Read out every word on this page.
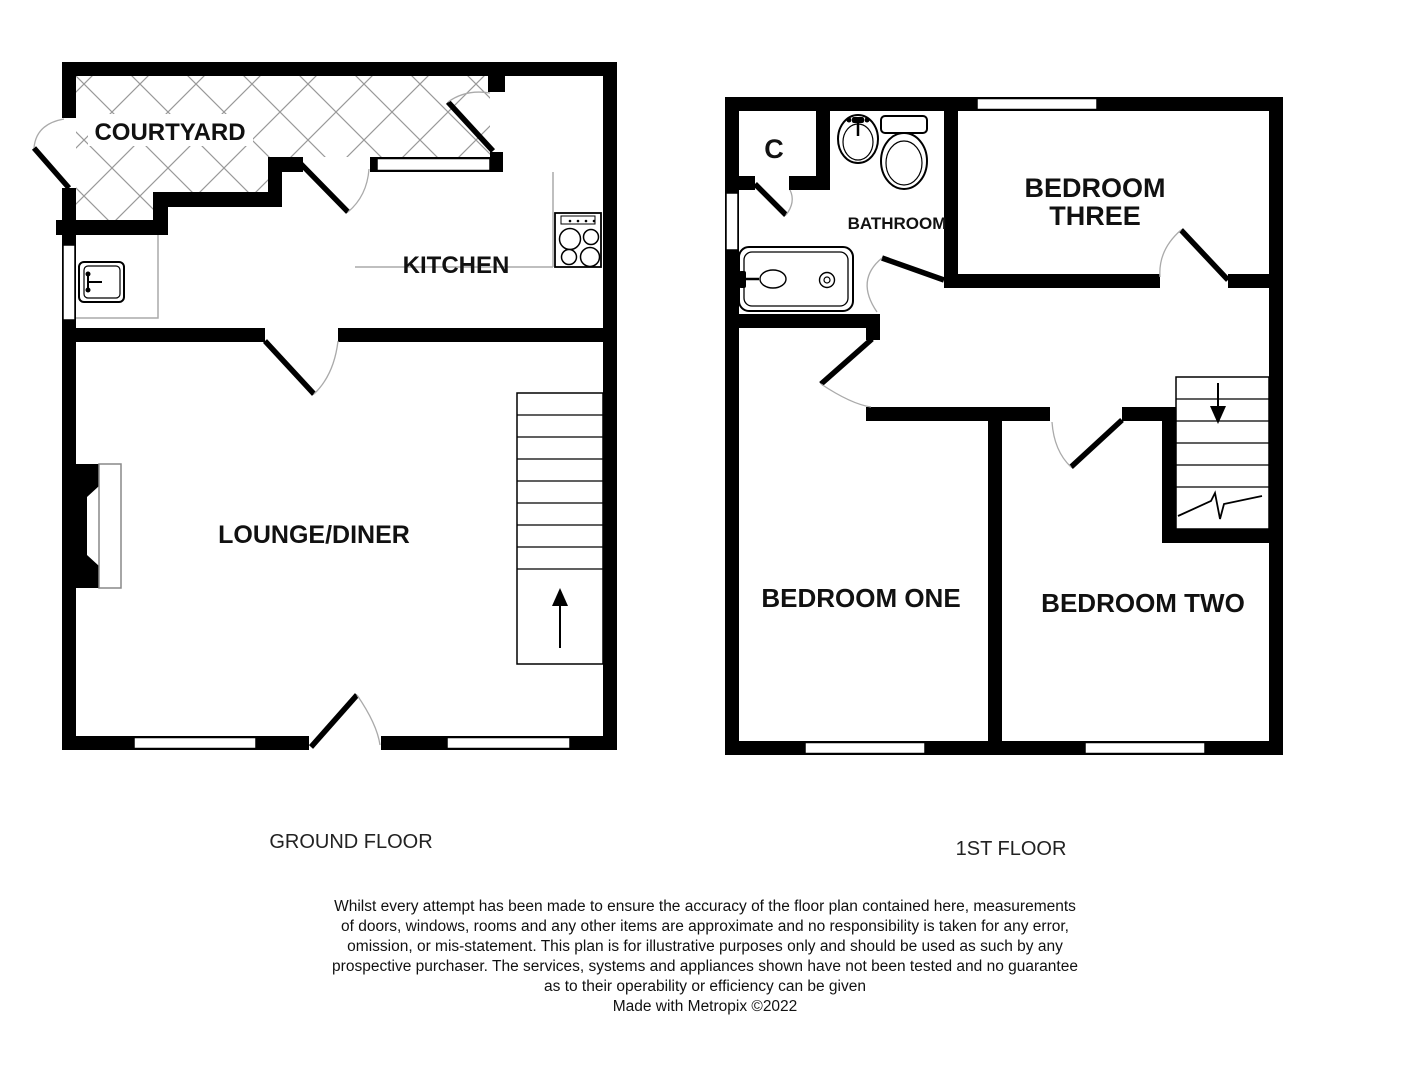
COURTYARD
KITCHEN
LOUNGE/DINER
GROUND FLOOR
C
BATHROOM
BEDROOM
THREE
BEDROOM ONE	BEDROOM TWO
1ST FLOOR
Whilst every attempt has been made to ensure the accuracy of the floor plan contained here, measurements
of doors, windows, rooms and any other items are approximate and no responsibility is taken for any error,
omission, or mis-statement. This plan is for illustrative purposes only and should be used as such by any
prospective purchaser. The services, systems and appliances shown have not been tested and no guarantee
as to their operability or efficiency can be given
Made with Metropix ©2022
